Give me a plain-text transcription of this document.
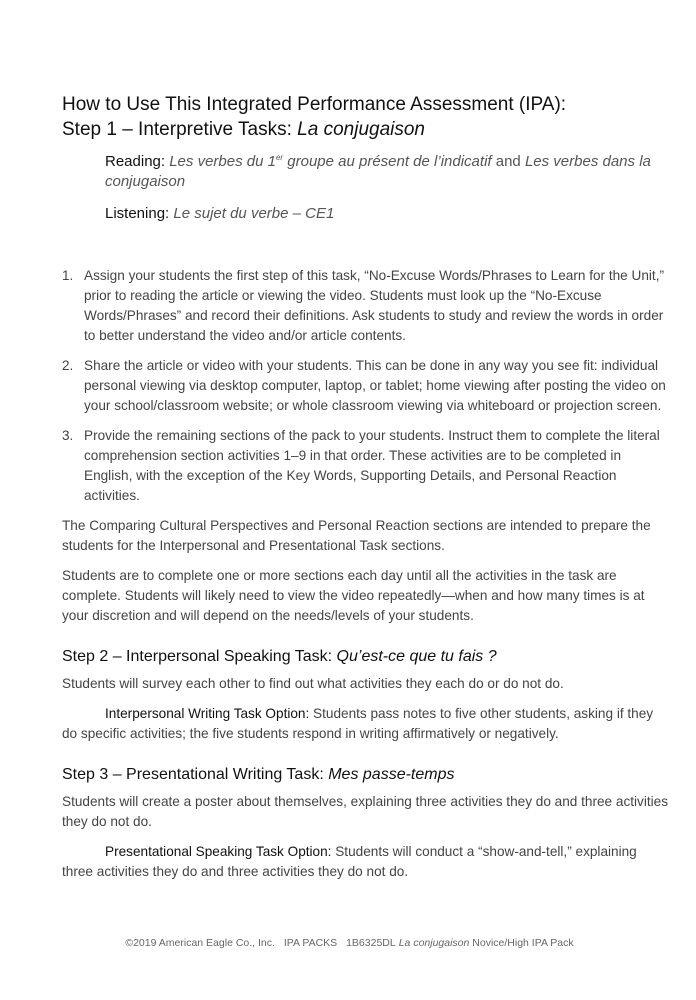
How to Use This Integrated Performance Assessment (IPA):
Step 1 – Interpretive Tasks: La conjugaison
Reading: Les verbes du 1er groupe au présent de l’indicatif and Les verbes dans la conjugaison
Listening: Le sujet du verbe – CE1
1. Assign your students the first step of this task, “No-Excuse Words/Phrases to Learn for the Unit,” prior to reading the article or viewing the video. Students must look up the “No-Excuse Words/Phrases” and record their definitions. Ask students to study and review the words in order to better understand the video and/or article contents.
2. Share the article or video with your students. This can be done in any way you see fit: individual personal viewing via desktop computer, laptop, or tablet; home viewing after posting the video on your school/classroom website; or whole classroom viewing via whiteboard or projection screen.
3. Provide the remaining sections of the pack to your students. Instruct them to complete the literal comprehension section activities 1–9 in that order. These activities are to be completed in English, with the exception of the Key Words, Supporting Details, and Personal Reaction activities.

The Comparing Cultural Perspectives and Personal Reaction sections are intended to prepare the students for the Interpersonal and Presentational Task sections.

Students are to complete one or more sections each day until all the activities in the task are complete. Students will likely need to view the video repeatedly—when and how many times is at your discretion and will depend on the needs/levels of your students.

Step 2 – Interpersonal Speaking Task: Qu’est-ce que tu fais ?

Students will survey each other to find out what activities they each do or do not do.

Interpersonal Writing Task Option: Students pass notes to five other students, asking if they do specific activities; the five students respond in writing affirmatively or negatively.

Step 3 – Presentational Writing Task: Mes passe-temps

Students will create a poster about themselves, explaining three activities they do and three activities they do not do.

Presentational Speaking Task Option: Students will conduct a “show-and-tell,” explaining three activities they do and three activities they do not do.

©2019 American Eagle Co., Inc. IPA PACKS 1B6325DL La conjugaison Novice/High IPA Pack
